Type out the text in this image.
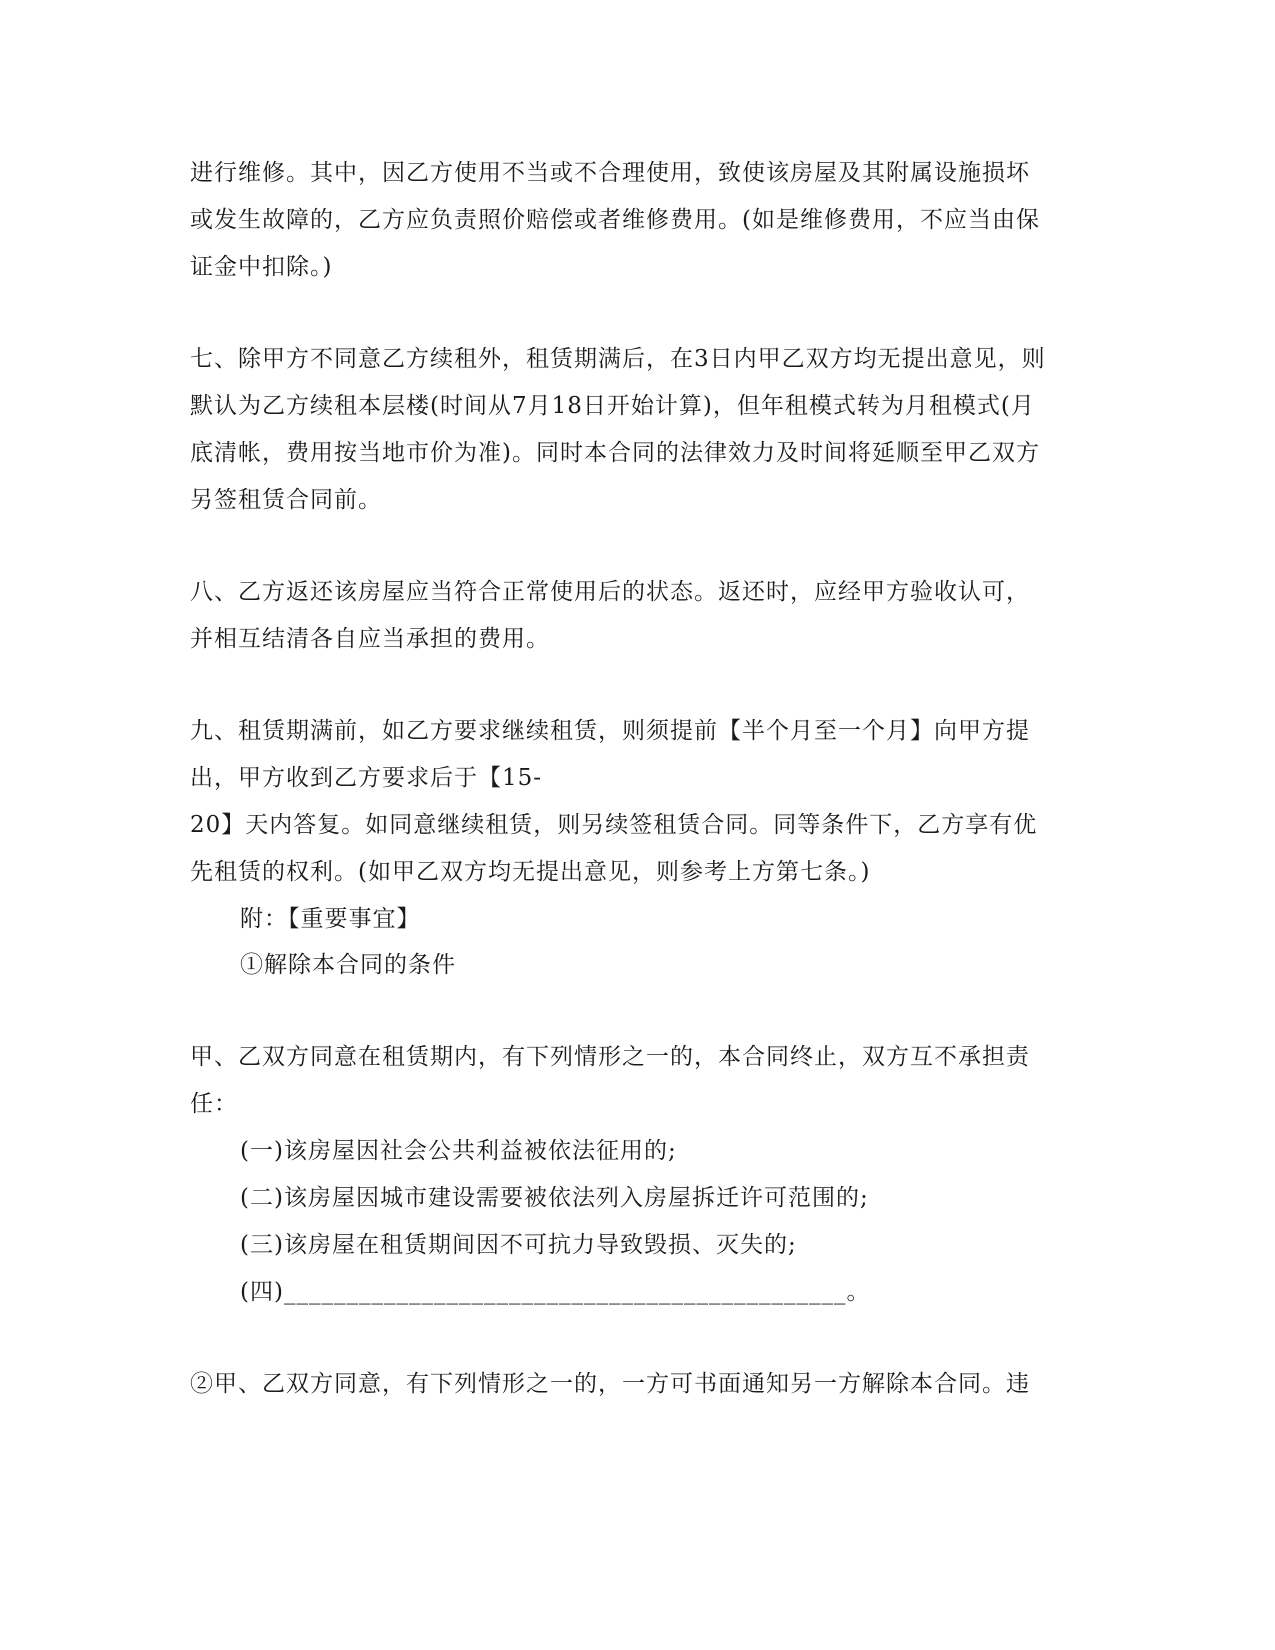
进行维修。其中，因乙方使用不当或不合理使用，致使该房屋及其附属设施损坏
或发生故障的，乙方应负责照价赔偿或者维修费用。(如是维修费用，不应当由保
证金中扣除。)
七、除甲方不同意乙方续租外，租赁期满后，在3日内甲乙双方均无提出意见，则
默认为乙方续租本层楼(时间从7月18日开始计算)，但年租模式转为月租模式(月
底清帐，费用按当地市价为准)。同时本合同的法律效力及时间将延顺至甲乙双方
另签租赁合同前。
八、乙方返还该房屋应当符合正常使用后的状态。返还时，应经甲方验收认可，
并相互结清各自应当承担的费用。
九、租赁期满前，如乙方要求继续租赁，则须提前【半个月至一个月】向甲方提
出，甲方收到乙方要求后于【15-
20】天内答复。如同意继续租赁，则另续签租赁合同。同等条件下，乙方享有优
先租赁的权利。(如甲乙双方均无提出意见，则参考上方第七条。)
附：【重要事宜】
①解除本合同的条件
甲、乙双方同意在租赁期内，有下列情形之一的，本合同终止，双方互不承担责
任：
(一)该房屋因社会公共利益被依法征用的;
(二)该房屋因城市建设需要被依法列入房屋拆迁许可范围的;
(三)该房屋在租赁期间因不可抗力导致毁损、灭失的;
(四)_____________________________________________。
②甲、乙双方同意，有下列情形之一的，一方可书面通知另一方解除本合同。违
